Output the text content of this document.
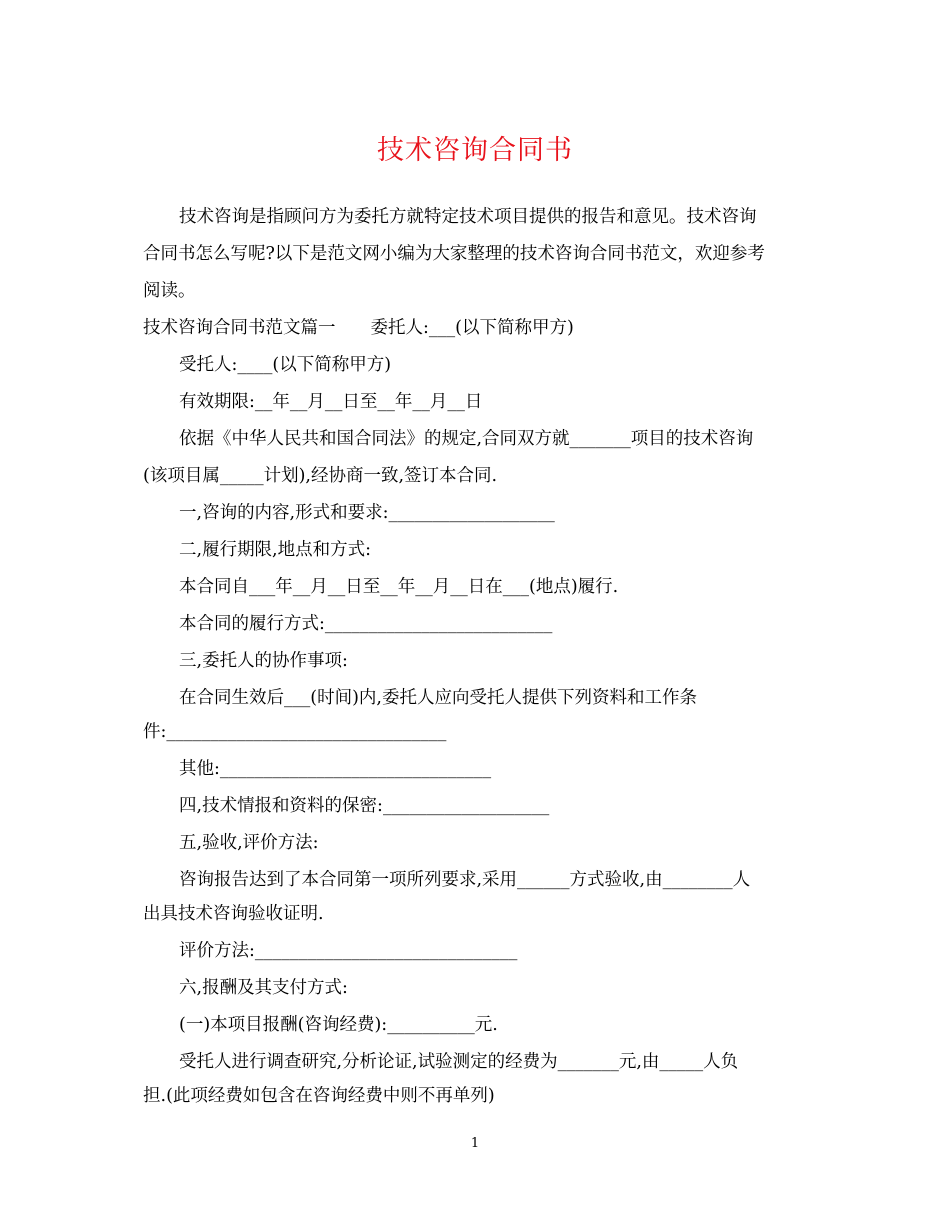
技术咨询合同书
技术咨询是指顾问方为委托方就特定技术项目提供的报告和意见。技术咨询
合同书怎么写呢?以下是范文网小编为大家整理的技术咨询合同书范文，欢迎参考
阅读。
技术咨询合同书范文篇一　　委托人:___(以下简称甲方)
受托人:____(以下简称甲方)
有效期限:__年__月__日至__年__月__日
依据《中华人民共和国合同法》的规定,合同双方就_______项目的技术咨询
(该项目属_____计划),经协商一致,签订本合同.
一,咨询的内容,形式和要求:___________________
二,履行期限,地点和方式:
本合同自___年__月__日至__年__月__日在___(地点)履行.
本合同的履行方式:__________________________
三,委托人的协作事项:
在合同生效后___(时间)内,委托人应向受托人提供下列资料和工作条
件:________________________________
其他:_______________________________
四,技术情报和资料的保密:___________________
五,验收,评价方法:
咨询报告达到了本合同第一项所列要求,采用______方式验收,由________人
出具技术咨询验收证明.
评价方法:______________________________
六,报酬及其支付方式:
(一)本项目报酬(咨询经费):__________元.
受托人进行调查研究,分析论证,试验测定的经费为_______元,由_____人负
担.(此项经费如包含在咨询经费中则不再单列)
1
